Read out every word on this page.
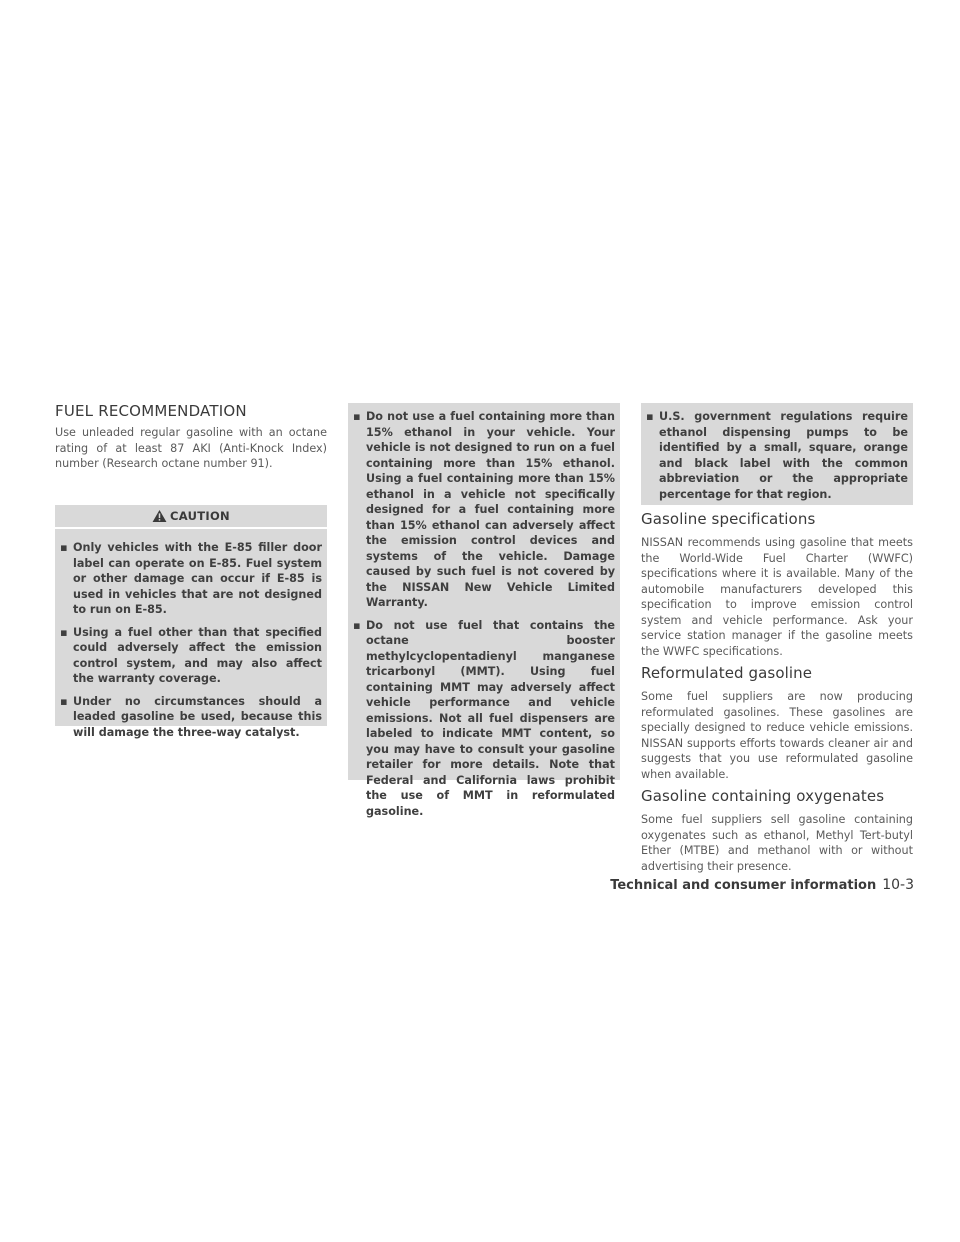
FUEL RECOMMENDATION

Use unleaded regular gasoline with an octane rating of at least 87 AKI (Anti-Knock Index) number (Research octane number 91).

CAUTION
▪ Only vehicles with the E-85 filler door label can operate on E-85. Fuel system or other damage can occur if E-85 is used in vehicles that are not designed to run on E-85.
▪ Using a fuel other than that specified could adversely affect the emission control system, and may also affect the warranty coverage.
▪ Under no circumstances should a leaded gasoline be used, because this will damage the three-way catalyst.
▪ Do not use a fuel containing more than 15% ethanol in your vehicle. Your vehicle is not designed to run on a fuel containing more than 15% ethanol. Using a fuel containing more than 15% ethanol in a vehicle not specifically designed for a fuel containing more than 15% ethanol can adversely affect the emission control devices and systems of the vehicle. Damage caused by such fuel is not covered by the NISSAN New Vehicle Limited Warranty.
▪ Do not use fuel that contains the octane booster methylcyclopentadienyl manganese tricarbonyl (MMT). Using fuel containing MMT may adversely affect vehicle performance and vehicle emissions. Not all fuel dispensers are labeled to indicate MMT content, so you may have to consult your gasoline retailer for more details. Note that Federal and California laws prohibit the use of MMT in reformulated gasoline.
▪ U.S. government regulations require ethanol dispensing pumps to be identified by a small, square, orange and black label with the common abbreviation or the appropriate percentage for that region.
Gasoline specifications

NISSAN recommends using gasoline that meets the World-Wide Fuel Charter (WWFC) specifications where it is available. Many of the automobile manufacturers developed this specification to improve emission control system and vehicle performance. Ask your service station manager if the gasoline meets the WWFC specifications.

Reformulated gasoline

Some fuel suppliers are now producing reformulated gasolines. These gasolines are specially designed to reduce vehicle emissions. NISSAN supports efforts towards cleaner air and suggests that you use reformulated gasoline when available.

Gasoline containing oxygenates

Some fuel suppliers sell gasoline containing oxygenates such as ethanol, Methyl Tert-butyl Ether (MTBE) and methanol with or without advertising their presence.

Technical and consumer information 10-3
